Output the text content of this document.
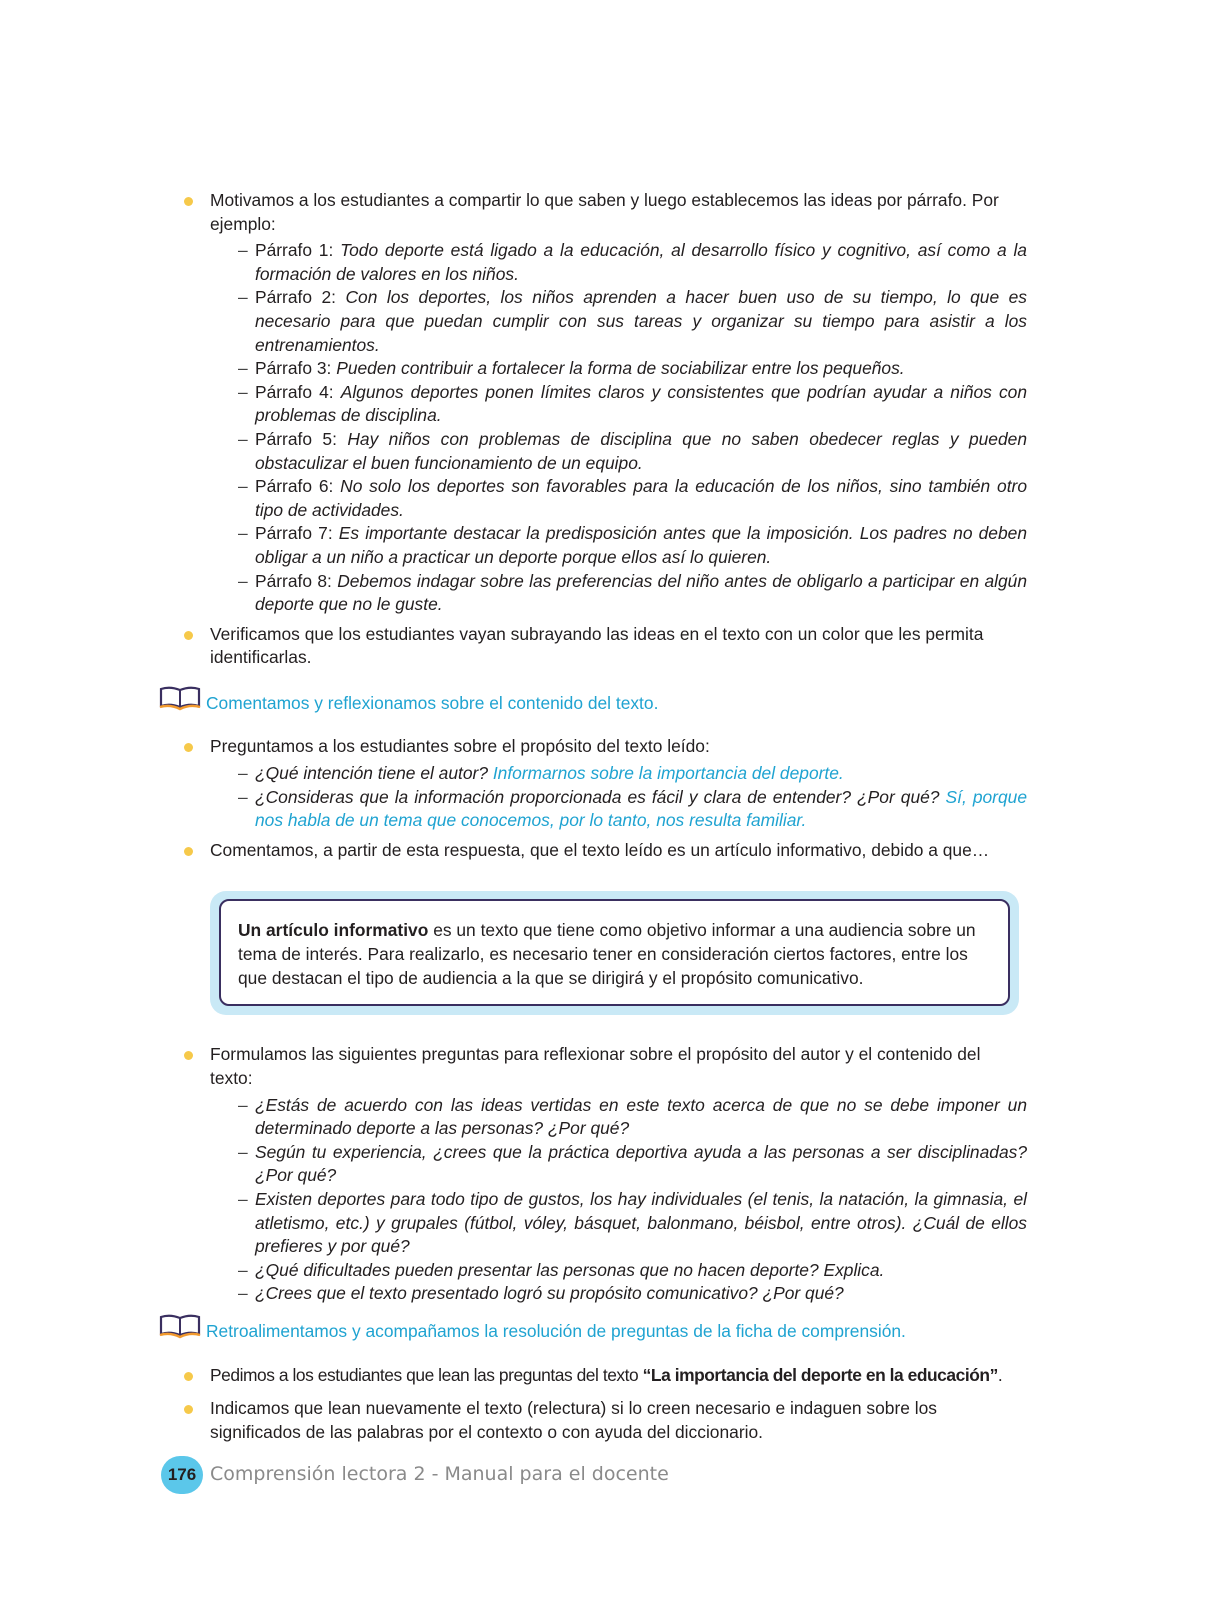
Motivamos a los estudiantes a compartir lo que saben y luego establecemos las ideas por párrafo. Por ejemplo:
– Párrafo 1: Todo deporte está ligado a la educación, al desarrollo físico y cognitivo, así como a la formación de valores en los niños.
– Párrafo 2: Con los deportes, los niños aprenden a hacer buen uso de su tiempo, lo que es necesario para que puedan cumplir con sus tareas y organizar su tiempo para asistir a los entrenamientos.
– Párrafo 3: Pueden contribuir a fortalecer la forma de sociabilizar entre los pequeños.
– Párrafo 4: Algunos deportes ponen límites claros y consistentes que podrían ayudar a niños con problemas de disciplina.
– Párrafo 5: Hay niños con problemas de disciplina que no saben obedecer reglas y pueden obstaculizar el buen funcionamiento de un equipo.
– Párrafo 6: No solo los deportes son favorables para la educación de los niños, sino también otro tipo de actividades.
– Párrafo 7: Es importante destacar la predisposición antes que la imposición. Los padres no deben obligar a un niño a practicar un deporte porque ellos así lo quieren.
– Párrafo 8: Debemos indagar sobre las preferencias del niño antes de obligarlo a participar en algún deporte que no le guste.
Verificamos que los estudiantes vayan subrayando las ideas en el texto con un color que les permita identificarlas.
Comentamos y reflexionamos sobre el contenido del texto.
Preguntamos a los estudiantes sobre el propósito del texto leído:
– ¿Qué intención tiene el autor? Informarnos sobre la importancia del deporte.
– ¿Consideras que la información proporcionada es fácil y clara de entender? ¿Por qué? Sí, porque nos habla de un tema que conocemos, por lo tanto, nos resulta familiar.
Comentamos, a partir de esta respuesta, que el texto leído es un artículo informativo, debido a que…
Un artículo informativo es un texto que tiene como objetivo informar a una audiencia sobre un tema de interés. Para realizarlo, es necesario tener en consideración ciertos factores, entre los que destacan el tipo de audiencia a la que se dirigirá y el propósito comunicativo.
Formulamos las siguientes preguntas para reflexionar sobre el propósito del autor y el contenido del texto:
– ¿Estás de acuerdo con las ideas vertidas en este texto acerca de que no se debe imponer un determinado deporte a las personas? ¿Por qué?
– Según tu experiencia, ¿crees que la práctica deportiva ayuda a las personas a ser disciplinadas? ¿Por qué?
– Existen deportes para todo tipo de gustos, los hay individuales (el tenis, la natación, la gimnasia, el atletismo, etc.) y grupales (fútbol, vóley, básquet, balonmano, béisbol, entre otros). ¿Cuál de ellos prefieres y por qué?
– ¿Qué dificultades pueden presentar las personas que no hacen deporte? Explica.
– ¿Crees que el texto presentado logró su propósito comunicativo? ¿Por qué?
Retroalimentamos y acompañamos la resolución de preguntas de la ficha de comprensión.
Pedimos a los estudiantes que lean las preguntas del texto “La importancia del deporte en la educación”.
Indicamos que lean nuevamente el texto (relectura) si lo creen necesario e indaguen sobre los significados de las palabras por el contexto o con ayuda del diccionario.
176 Comprensión lectora 2 - Manual para el docente
